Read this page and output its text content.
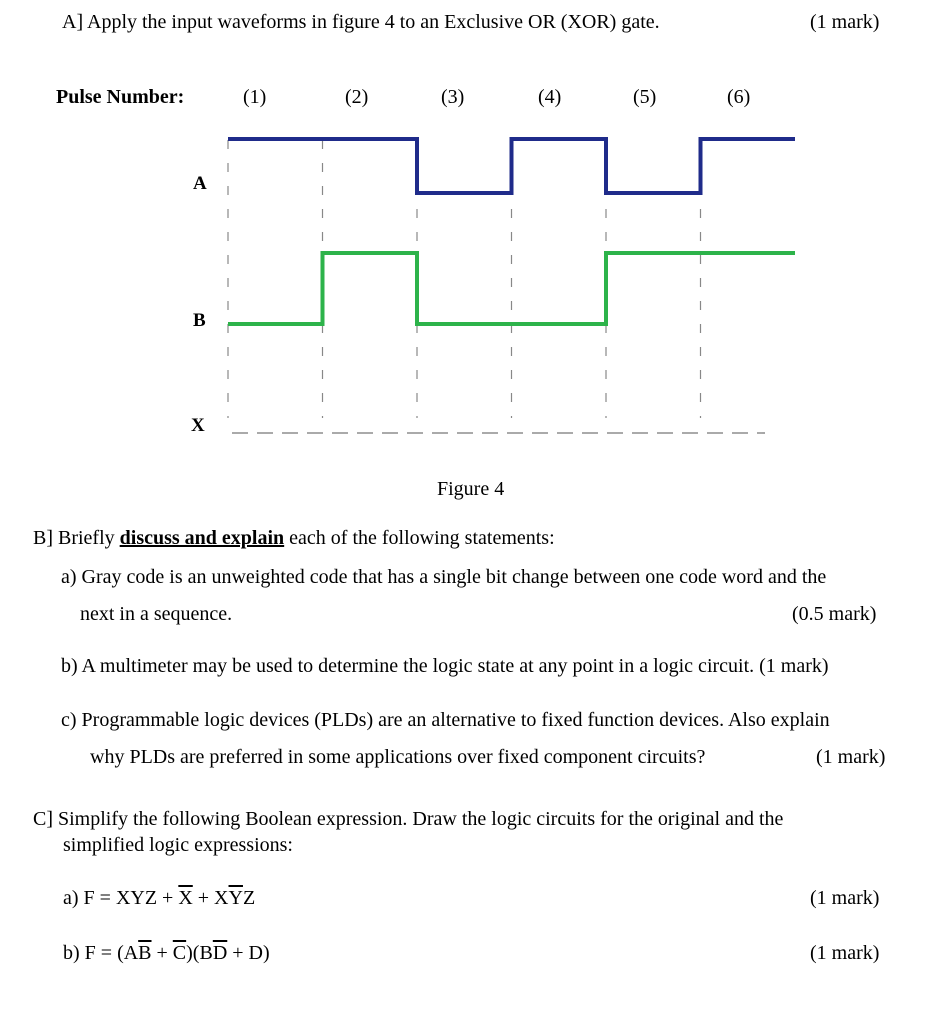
A] Apply the input waveforms in figure 4 to an Exclusive OR (XOR) gate.	(1 mark)
Pulse Number:	(1)	(2)	(3)	(4)	(5)	(6)
A
B
X
Figure 4
B] Briefly discuss and explain each of the following statements:
a) Gray code is an unweighted code that has a single bit change between one code word and the
next in a sequence.	(0.5 mark)
b) A multimeter may be used to determine the logic state at any point in a logic circuit. (1 mark)
c) Programmable logic devices (PLDs) are an alternative to fixed function devices. Also explain
why PLDs are preferred in some applications over fixed component circuits?	(1 mark)
C] Simplify the following Boolean expression. Draw the logic circuits for the original and the
simplified logic expressions:
a) F = XYZ + $\overline{X} + X\overline{Y}Z$	(1 mark)
b) $F = (A\overline{B} + \overline{C})(B\overline{D} + D)$	(1 mark)
